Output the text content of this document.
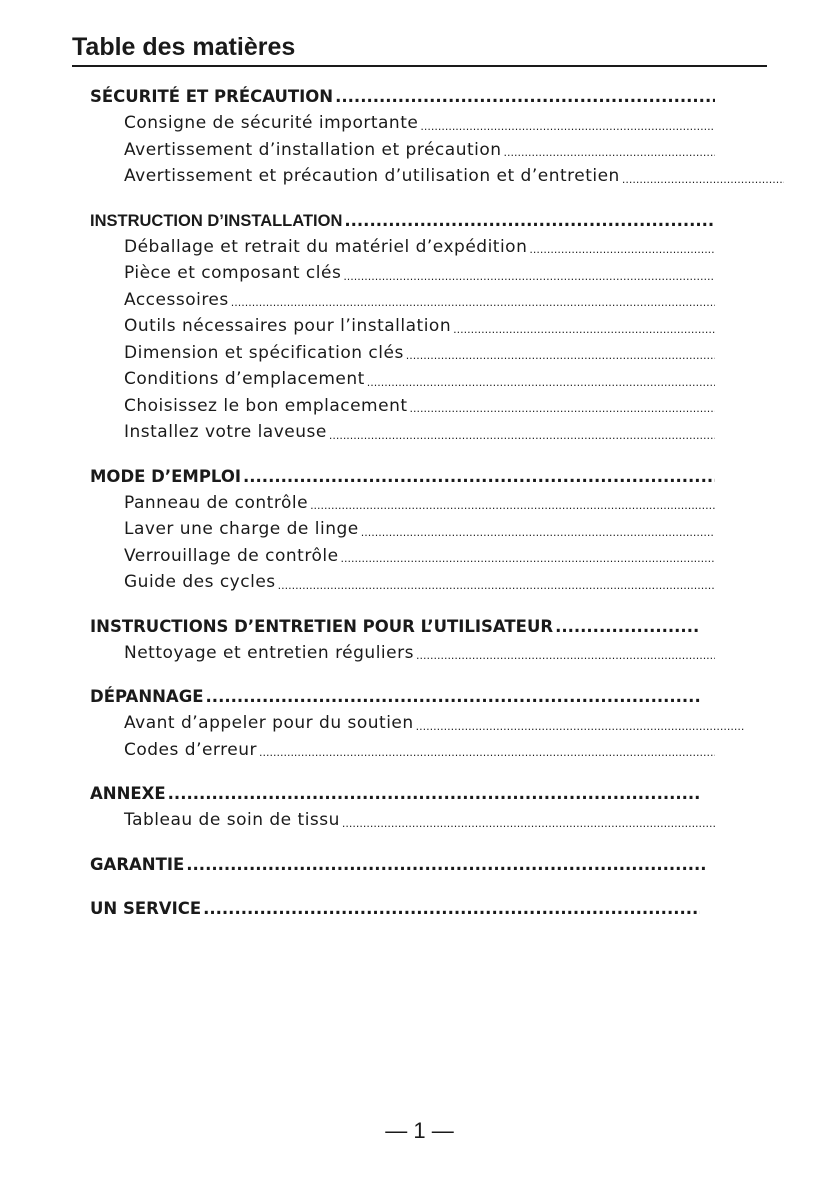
Table des matières
SÉCURITÉ ET PRÉCAUTION
.....
Consigne de sécurité importante
.....
Avertissement d’installation et précaution
.....
Avertissement et précaution d’utilisation et d’entretien
.....
INSTRUCTION D’INSTALLATION
.....
Déballage et retrait du matériel d’expédition
.....
Pièce et composant clés
.....
Accessoires
.....
Outils nécessaires pour l’installation
.....
Dimension et spécification clés
.....
Conditions d’emplacement
.....
Choisissez le bon emplacement
.....
Installez votre laveuse
.....
MODE D’EMPLOI
.....
Panneau de contrôle
.....
Laver une charge de linge
.....
Verrouillage de contrôle
.....
Guide des cycles
.....
INSTRUCTIONS D’ENTRETIEN POUR L’UTILISATEUR
.....
Nettoyage et entretien réguliers
.....
DÉPANNAGE
.....
Avant d’appeler pour du soutien
.....
Codes d’erreur
.....
ANNEXE
.....
Tableau de soin de tissu
.....
GARANTIE
.....
UN SERVICE
.....
— 1 —
